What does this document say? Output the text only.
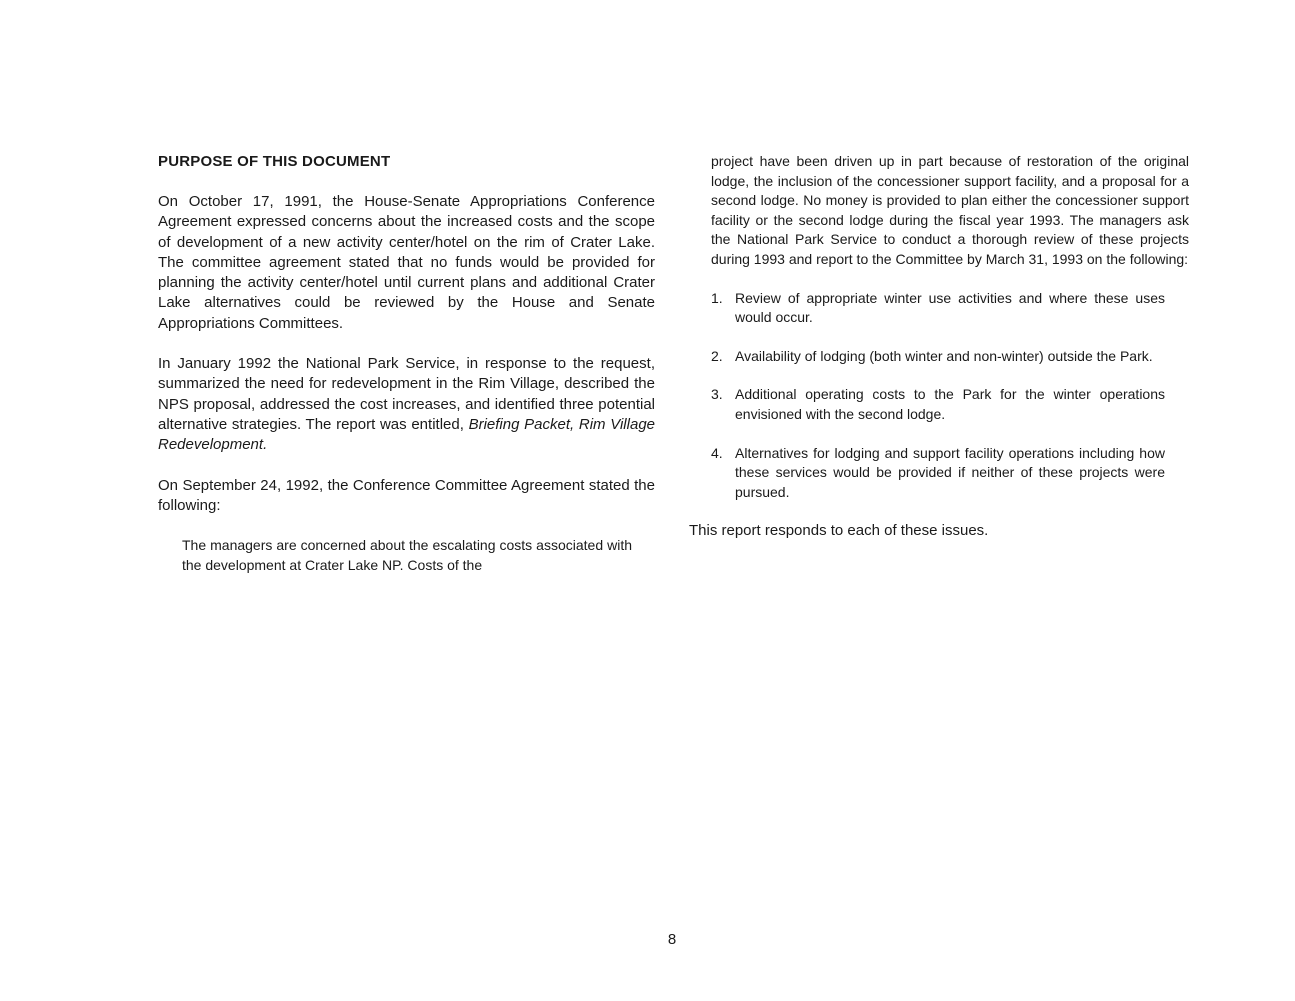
PURPOSE OF THIS DOCUMENT

On October 17, 1991, the House-Senate Appropriations Conference Agreement expressed concerns about the increased costs and the scope of development of a new activity center/hotel on the rim of Crater Lake. The committee agreement stated that no funds would be provided for planning the activity center/hotel until current plans and additional Crater Lake alternatives could be reviewed by the House and Senate Appropriations Committees.

In January 1992 the National Park Service, in response to the request, summarized the need for redevelopment in the Rim Village, described the NPS proposal, addressed the cost increases, and identified three potential alternative strategies. The report was entitled, Briefing Packet, Rim Village Redevelopment.

On September 24, 1992, the Conference Committee Agreement stated the following:

The managers are concerned about the escalating costs associated with the development at Crater Lake NP. Costs of the

project have been driven up in part because of restoration of the original lodge, the inclusion of the concessioner support facility, and a proposal for a second lodge. No money is provided to plan either the concessioner support facility or the second lodge during the fiscal year 1993. The managers ask the National Park Service to conduct a thorough review of these projects during 1993 and report to the Committee by March 31, 1993 on the following:

1. Review of appropriate winter use activities and where these uses would occur.
2. Availability of lodging (both winter and non-winter) outside the Park.
3. Additional operating costs to the Park for the winter operations envisioned with the second lodge.
4. Alternatives for lodging and support facility operations including how these services would be provided if neither of these projects were pursued.

This report responds to each of these issues.

8
